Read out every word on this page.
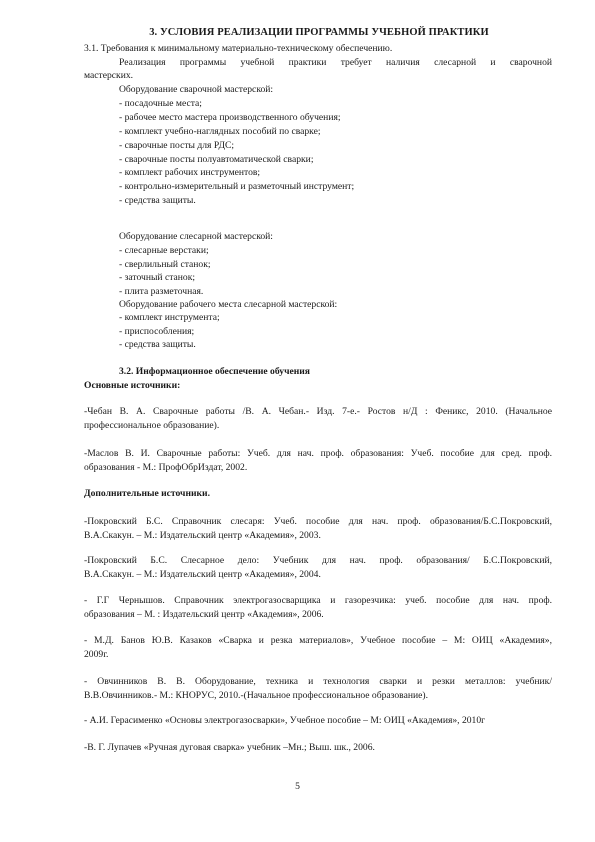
3. УСЛОВИЯ РЕАЛИЗАЦИИ ПРОГРАММЫ УЧЕБНОЙ ПРАКТИКИ
3.1. Требования к минимальному материально-техническому обеспечению.
Реализация программы учебной практики требует наличия слесарной и сварочной
мастерских.
Оборудование сварочной мастерской:
- посадочные места;
- рабочее место мастера производственного обучения;
- комплект учебно-наглядных пособий по сварке;
- сварочные посты для РДС;
- сварочные посты полуавтоматической сварки;
- комплект рабочих инструментов;
- контрольно-измерительный и разметочный инструмент;
- средства защиты.
Оборудование слесарной мастерской:
- слесарные верстаки;
- сверлильный станок;
- заточный станок;
- плита разметочная.
Оборудование рабочего места слесарной мастерской:
- комплект инструмента;
- приспособления;
- средства защиты.
3.2. Информационное обеспечение обучения
Основные источники:
-Чебан В. А. Сварочные работы /В. А. Чебан.- Изд. 7-е.- Ростов н/Д : Феникс, 2010. (Начальное
профессиональное образование).
-Маслов В. И. Сварочные работы: Учеб. для нач. проф. образования: Учеб. пособие для сред. проф.
образования - М.: ПрофОбрИздат, 2002.
Дополнительные источники.
-Покровский Б.С. Справочник слесаря: Учеб. пособие для нач. проф. образования/Б.С.Покровский,
В.А.Скакун. – М.: Издательский центр «Академия», 2003.
-Покровский Б.С. Слесарное дело: Учебник для нач. проф. образования/ Б.С.Покровский,
В.А.Скакун. – М.: Издательский центр «Академия», 2004.
- Г.Г Чернышов. Справочник электрогазосварщика и газорезчика: учеб. пособие для нач. проф.
образования – М. : Издательский центр «Академия», 2006.
- М.Д. Банов Ю.В. Казаков «Сварка и резка материалов», Учебное пособие – М: ОИЦ «Академия»,
2009г.
- Овчинников В. В. Оборудование, техника и технология сварки и резки металлов: учебник/
В.В.Овчинников.- М.: КНОРУС, 2010.-(Начальное профессиональное образование).
- А.И. Герасименко «Основы электрогазосварки», Учебное пособие – М: ОИЦ «Академия», 2010г
-В. Г. Лупачев «Ручная дуговая сварка» учебник –Мн.; Выш. шк., 2006.
5
